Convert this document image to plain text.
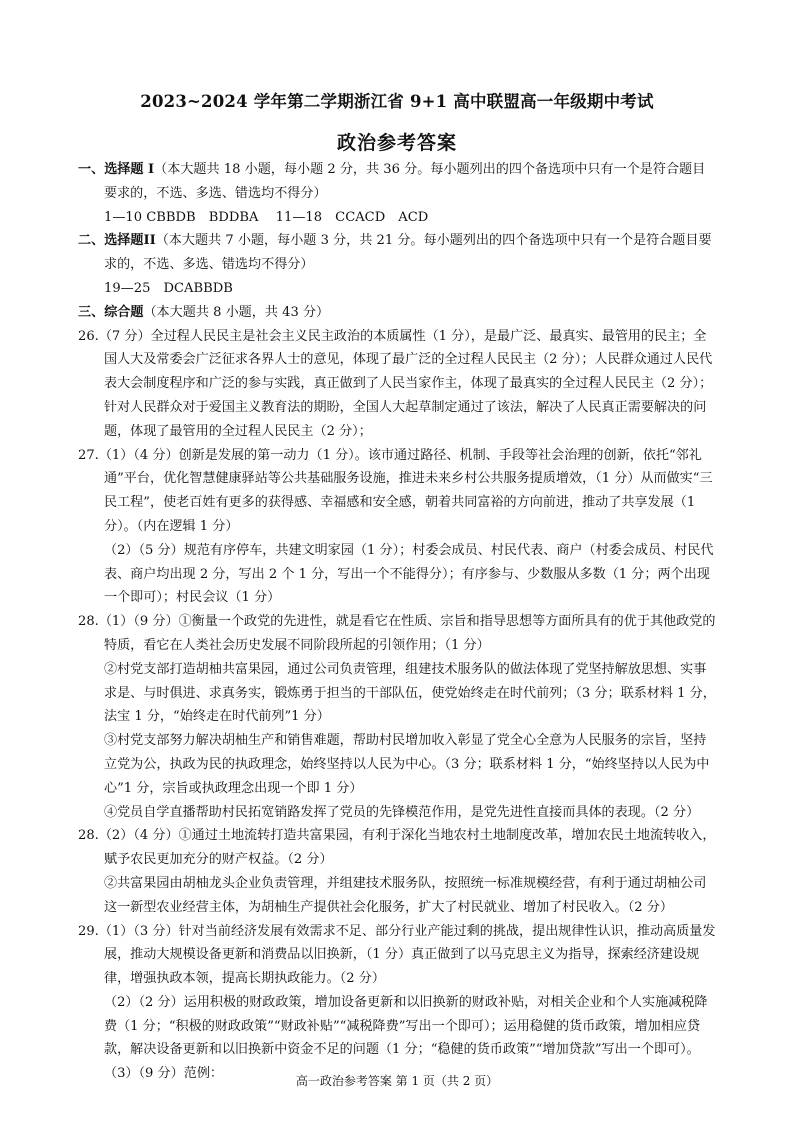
2023~2024 学年第二学期浙江省 9+1 高中联盟高一年级期中考试
政治参考答案

一、选择题 I（本大题共 18 小题，每小题 2 分，共 36 分。每小题列出的四个备选项中只有一个是符合题目要求的，不选、多选、错选均不得分）

1—10 CBBDB　BDDBA　 11—18　CCACD　ACD

二、选择题II（本大题共 7 小题，每小题 3 分，共 21 分。每小题列出的四个备选项中只有一个是符合题目要求的，不选、多选、错选均不得分）

19—25　DCABBDB

三、综合题（本大题共 8 小题，共 43 分）

26.（7 分）全过程人民民主是社会主义民主政治的本质属性（1 分），是最广泛、最真实、最管用的民主；全国人大及常委会广泛征求各界人士的意见，体现了最广泛的全过程人民民主（2 分）；人民群众通过人民代表大会制度程序和广泛的参与实践，真正做到了人民当家作主，体现了最真实的全过程人民民主（2 分）；针对人民群众对于爱国主义教育法的期盼，全国人大起草制定通过了该法，解决了人民真正需要解决的问题，体现了最管用的全过程人民民主（2 分）；

27.（1）（4 分）创新是发展的第一动力（1 分）。该市通过路径、机制、手段等社会治理的创新，依托“邻礼通”平台，优化智慧健康驿站等公共基础服务设施，推进未来乡村公共服务提质增效，（1 分）从而做实“三民工程”，使老百姓有更多的获得感、幸福感和安全感，朝着共同富裕的方向前进，推动了共享发展（1 分）。（内在逻辑 1 分）

（2）（5 分）规范有序停车，共建文明家园（1 分）；村委会成员、村民代表、商户（村委会成员、村民代表、商户均出现 2 分，写出 2 个 1 分，写出一个不能得分）；有序参与、少数服从多数（1 分；两个出现一个即可）；村民会议（1 分）

28.（1）（9 分）①衡量一个政党的先进性，就是看它在性质、宗旨和指导思想等方面所具有的优于其他政党的特质，看它在人类社会历史发展不同阶段所起的引领作用；（1 分）

②村党支部打造胡柚共富果园，通过公司负责管理，组建技术服务队的做法体现了党坚持解放思想、实事求是、与时俱进、求真务实，锻炼勇于担当的干部队伍，使党始终走在时代前列；（3 分；联系材料 1 分，法宝 1 分，“始终走在时代前列”1 分）

③村党支部努力解决胡柚生产和销售难题，帮助村民增加收入彰显了党全心全意为人民服务的宗旨，坚持立党为公，执政为民的执政理念，始终坚持以人民为中心。（3 分；联系材料 1 分，“始终坚持以人民为中心”1 分，宗旨或执政理念出现一个即 1 分）

④党员自学直播帮助村民拓宽销路发挥了党员的先锋模范作用，是党先进性直接而具体的表现。（2 分）

28.（2）（4 分）①通过土地流转打造共富果园，有利于深化当地农村土地制度改革，增加农民土地流转收入，赋予农民更加充分的财产权益。（2 分）

②共富果园由胡柚龙头企业负责管理，并组建技术服务队，按照统一标准规模经营，有利于通过胡柚公司这一新型农业经营主体，为胡柚生产提供社会化服务，扩大了村民就业、增加了村民收入。（2 分）

29.（1）（3 分）针对当前经济发展有效需求不足、部分行业产能过剩的挑战，提出规律性认识，推动高质量发展，推动大规模设备更新和消费品以旧换新，（1 分）真正做到了以马克思主义为指导，探索经济建设规律，增强执政本领，提高长期执政能力。（2 分）

（2）（2 分）运用积极的财政政策，增加设备更新和以旧换新的财政补贴，对相关企业和个人实施减税降费（1 分；“积极的财政政策”“财政补贴”“减税降费”写出一个即可）；运用稳健的货币政策，增加相应贷款，解决设备更新和以旧换新中资金不足的问题（1 分；“稳健的货币政策”“增加贷款”写出一个即可）。

（3）（9 分）范例：	高一政治参考答案 第 1 页（共 2 页）
